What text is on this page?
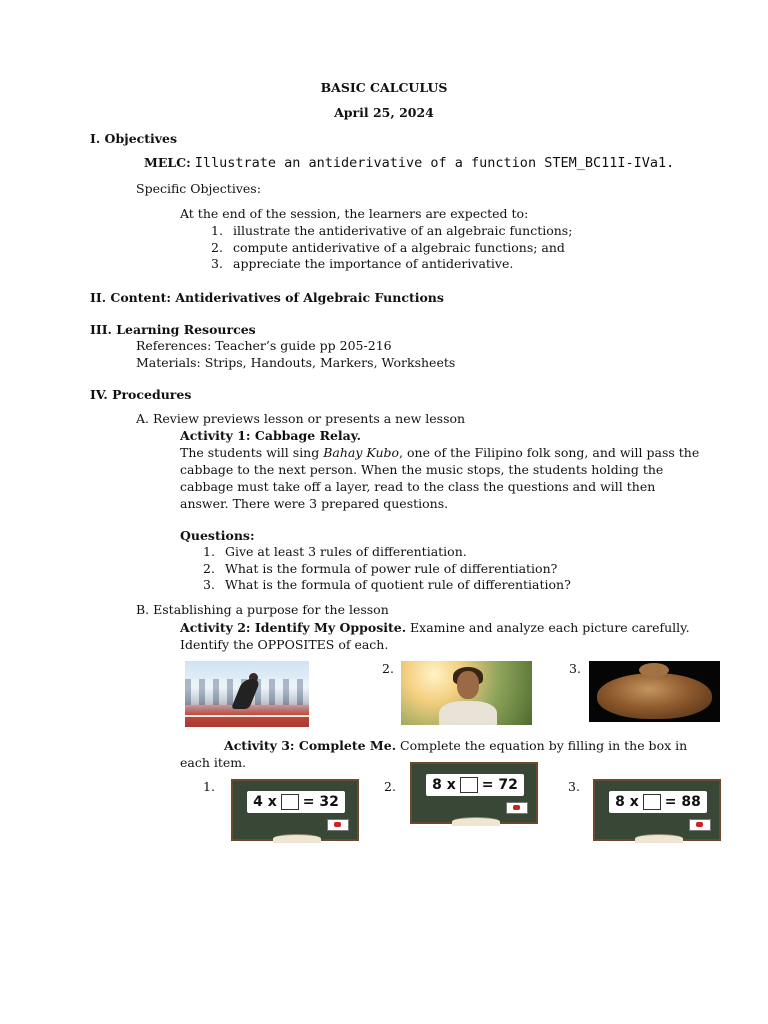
BASIC CALCULUS
April 25, 2024
I. Objectives
MELC: Illustrate an antiderivative of a function STEM_BC11I-IVa1.
Specific Objectives:
At the end of the session, the learners are expected to:
1. illustrate the antiderivative of an algebraic functions;
2. compute antiderivative of a algebraic functions; and
3. appreciate the importance of antiderivative.
II. Content: Antiderivatives of Algebraic Functions
III. Learning Resources
References: Teacher’s guide pp 205-216
Materials: Strips, Handouts, Markers, Worksheets
IV. Procedures
A. Review previews lesson or presents a new lesson
Activity 1: Cabbage Relay.
The students will sing Bahay Kubo, one of the Filipino folk song, and will pass the cabbage to the next person. When the music stops, the students holding the cabbage must take off a layer, read to the class the questions and will then answer. There were 3 prepared questions.
Questions:
1. Give at least 3 rules of differentiation.
2. What is the formula of power rule of differentiation?
3. What is the formula of quotient rule of differentiation?
B. Establishing a purpose for the lesson
Activity 2: Identify My Opposite. Examine and analyze each picture carefully. Identify the OPPOSITES of each.
2.	3.
Activity 3: Complete Me. Complete the equation by filling in the box in each item.
1.
4 x = 32
2.	8 x = 72	3.
8 x = 88
